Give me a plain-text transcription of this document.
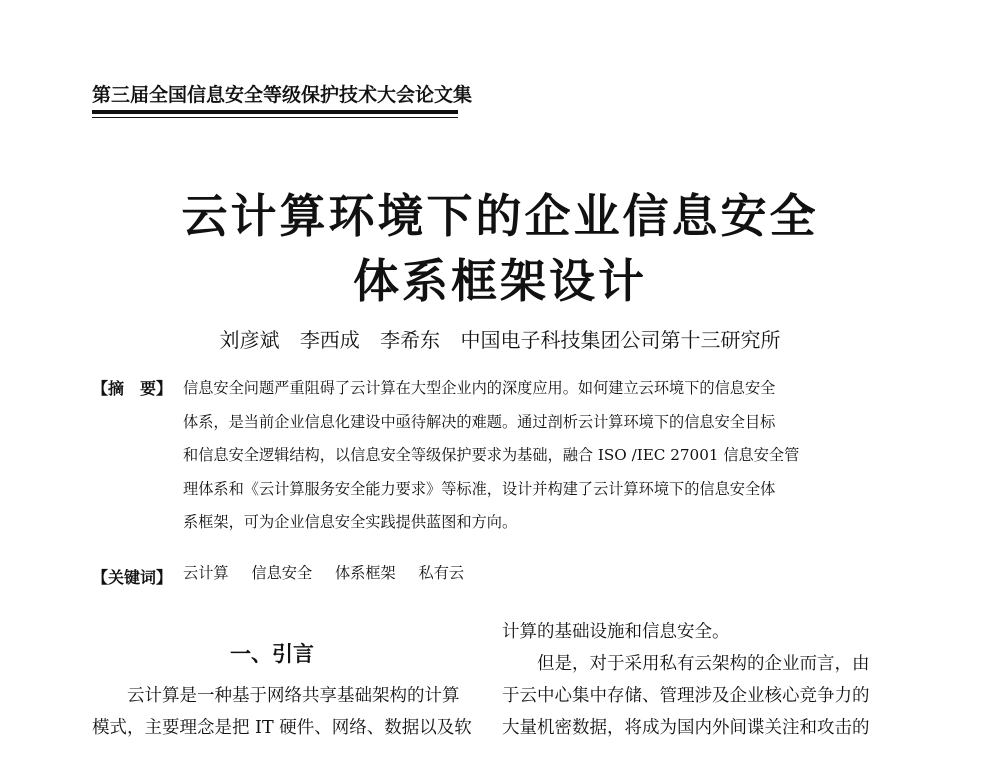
第三届全国信息安全等级保护技术大会论文集
云计算环境下的企业信息安全
体系框架设计
刘彦斌 李西成 李希东 中国电子科技集团公司第十三研究所
【摘　要】 信息安全问题严重阻碍了云计算在大型企业内的深度应用。如何建立云环境下的信息安全
体系，是当前企业信息化建设中亟待解决的难题。通过剖析云计算环境下的信息安全目标
和信息安全逻辑结构，以信息安全等级保护要求为基础，融合 ISO /IEC 27001 信息安全管
理体系和《云计算服务安全能力要求》等标准，设计并构建了云计算环境下的信息安全体
系框架，可为企业信息安全实践提供蓝图和方向。
【关键词】 云计算 信息安全 体系框架 私有云
一、引言
云计算是一种基于网络共享基础架构的计算
模式，主要理念是把 IT 硬件、网络、数据以及软
计算的基础设施和信息安全。
但是，对于采用私有云架构的企业而言，由
于云中心集中存储、管理涉及企业核心竞争力的
大量机密数据，将成为国内外间谍关注和攻击的
